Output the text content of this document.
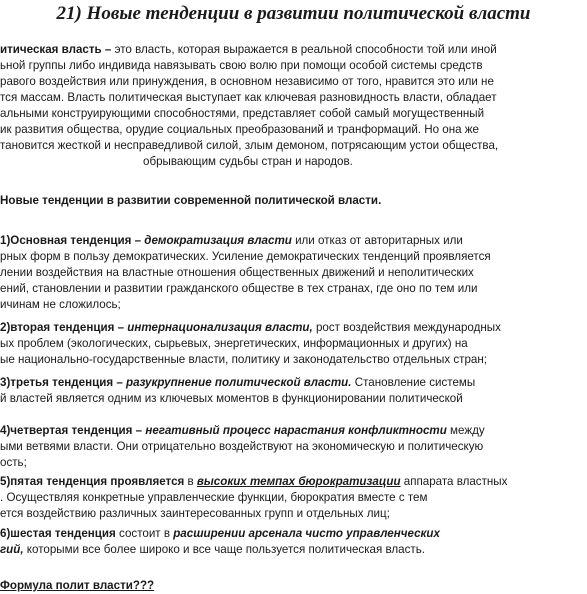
21) Новые тенденции в развитии политической власти
итическая власть – это власть, которая выражается в реальной способности той или иной
ьной группы либо индивида навязывать свою волю при помощи особой системы средств
равого воздействия или принуждения, в основном независимо от того, нравится это или не
тся массам. Власть политическая выступает как ключевая разновидность власти, обладает
альными конструирующими способностями, представляет собой самый могущественный
ик развития общества, орудие социальных преобразований и транформаций. Но она же
тановится жесткой и несправедливой силой, злым демоном, потрясающим устои общества,
обрывающим судьбы стран и народов.
Новые тенденции в развитии современной политической власти.
1)Основная тенденция – демократизация власти или отказ от авторитарных или
рных форм в пользу демократических. Усиление демократических тенденций проявляется
лении воздействия на властные отношения общественных движений и неполитических
ений, становлении и развитии гражданского обществе в тех странах, где оно по тем или
ичинам не сложилось;
2)вторая тенденция – интернационализация власти, рост воздействия международных
ых проблем (экологических, сырьевых, энергетических, информационных и других) на
ые национально-государственные власти, политику и законодательство отдельных стран;
3)третья тенденция – разукрупнение политической власти. Становление системы
й властей является одним из ключевых моментов в функционировании политической
4)четвертая тенденция – негативный процесс нарастания конфликтности между
ыми ветвями власти. Они отрицательно воздействуют на экономическую и политическую
ость;
5)пятая тенденция проявляется в высоких темпах бюрократизации аппарата властных
. Осуществляя конкретные управленческие функции, бюрократия вместе с тем
ется воздействию различных заинтересованных групп и отдельных лиц;
6)шестая тенденция состоит в расширении арсенала чисто управленческих
гий, которыми все более широко и все чаще пользуется политическая власть.
Формула полит власти???
